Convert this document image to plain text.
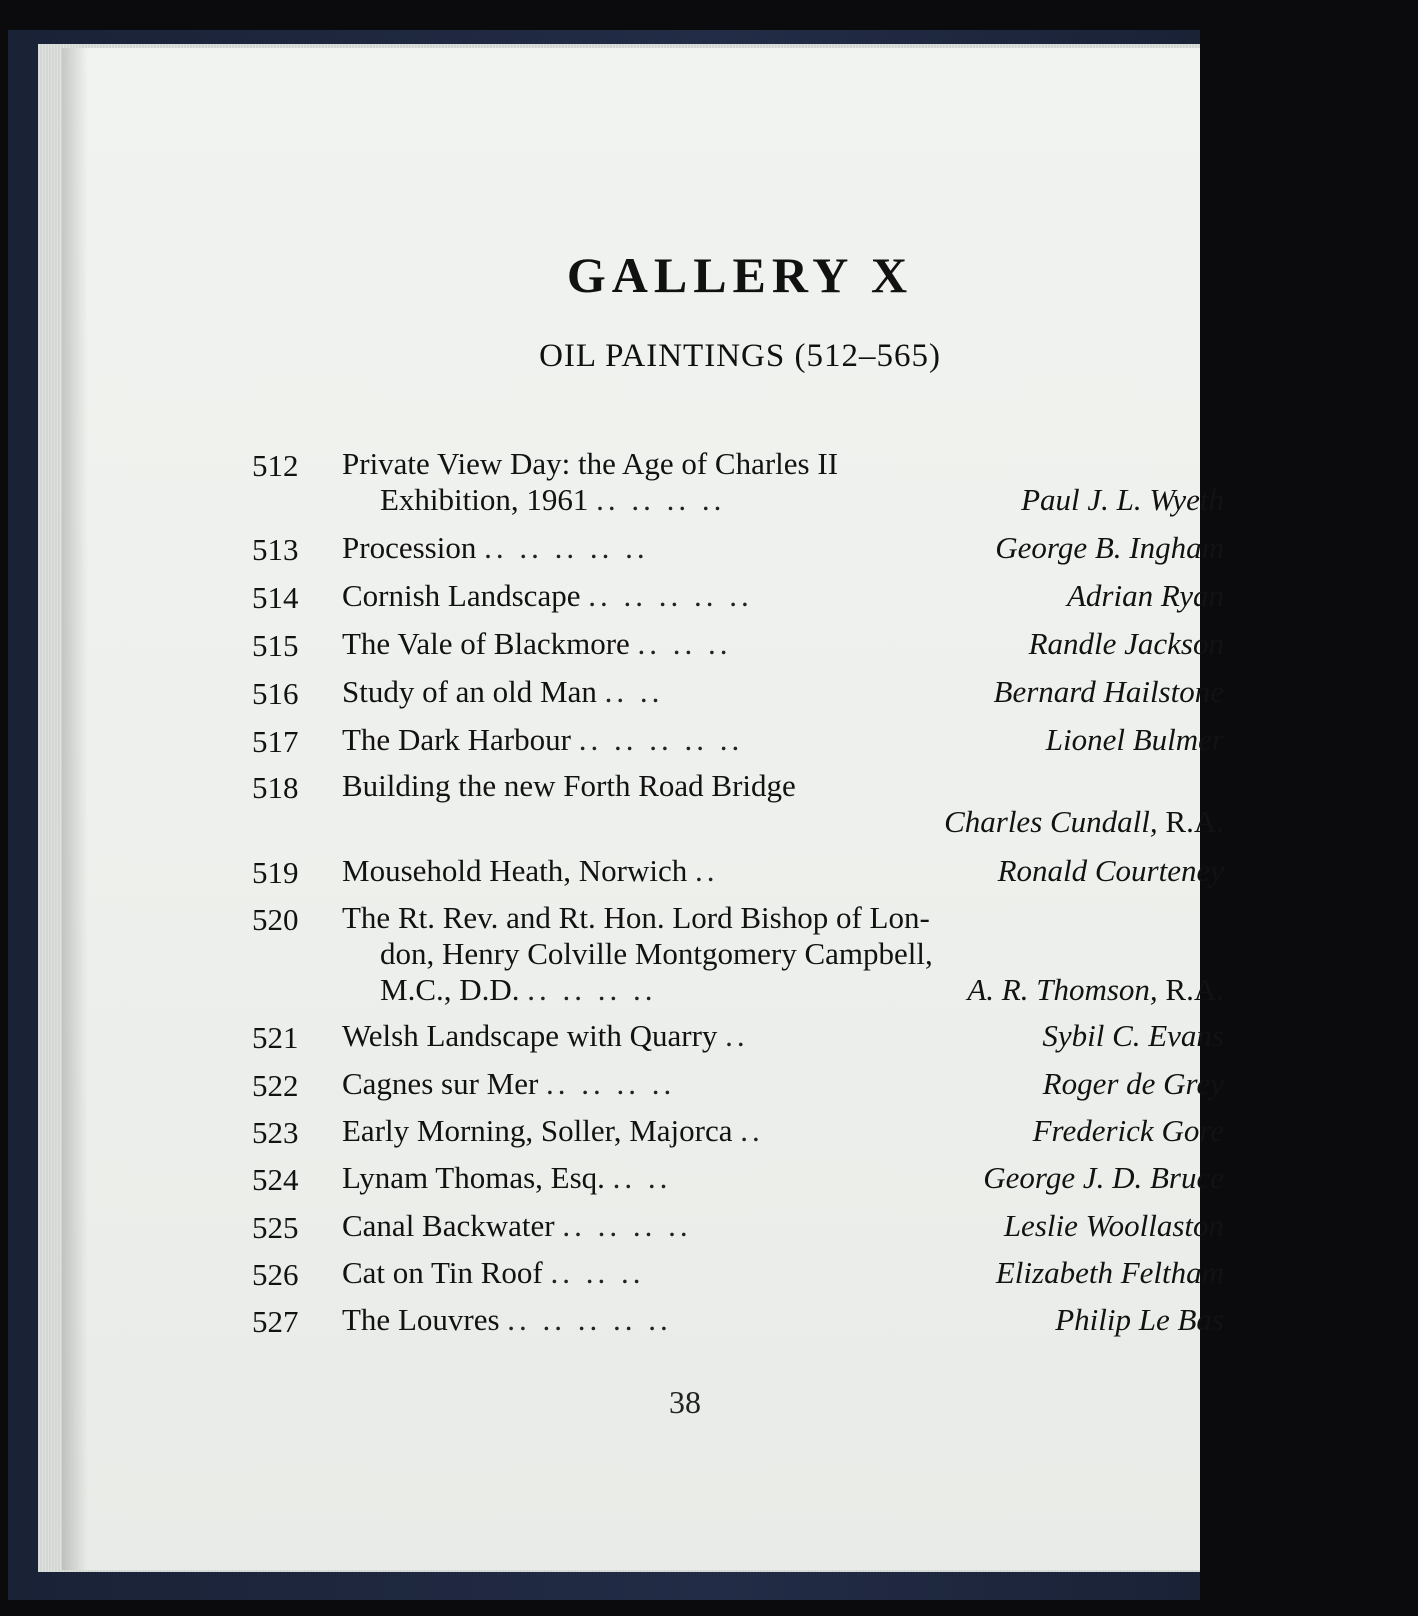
GALLERY X
OIL PAINTINGS (512–565)
512 Private View Day: the Age of Charles II
Exhibition, 1961 .. .. .. ..	Paul J. L. Wyeth
513 Procession .. .. .. .. ..	George B. Ingham
514 Cornish Landscape .. .. .. .. ..	Adrian Ryan
515 The Vale of Blackmore .. .. ..	Randle Jackson
516 Study of an old Man .. ..	Bernard Hailstone
517 The Dark Harbour .. .. .. .. ..	Lionel Bulmer
518 Building the new Forth Road Bridge
Charles Cundall, R.A.
519 Mousehold Heath, Norwich ..	Ronald Courteney
520 The Rt. Rev. and Rt. Hon. Lord Bishop of Lon-
don, Henry Colville Montgomery Campbell,
M.C., D.D. .. .. .. ..	A. R. Thomson, R.A.
521 Welsh Landscape with Quarry ..	Sybil C. Evans
522 Cagnes sur Mer .. .. .. ..	Roger de Grey
523 Early Morning, Soller, Majorca ..	Frederick Gore
524 Lynam Thomas, Esq. .. ..	George J. D. Bruce
525 Canal Backwater .. .. .. ..	Leslie Woollaston
526 Cat on Tin Roof .. .. ..	Elizabeth Feltham
527 The Louvres .. .. .. .. ..	Philip Le Bas
38
